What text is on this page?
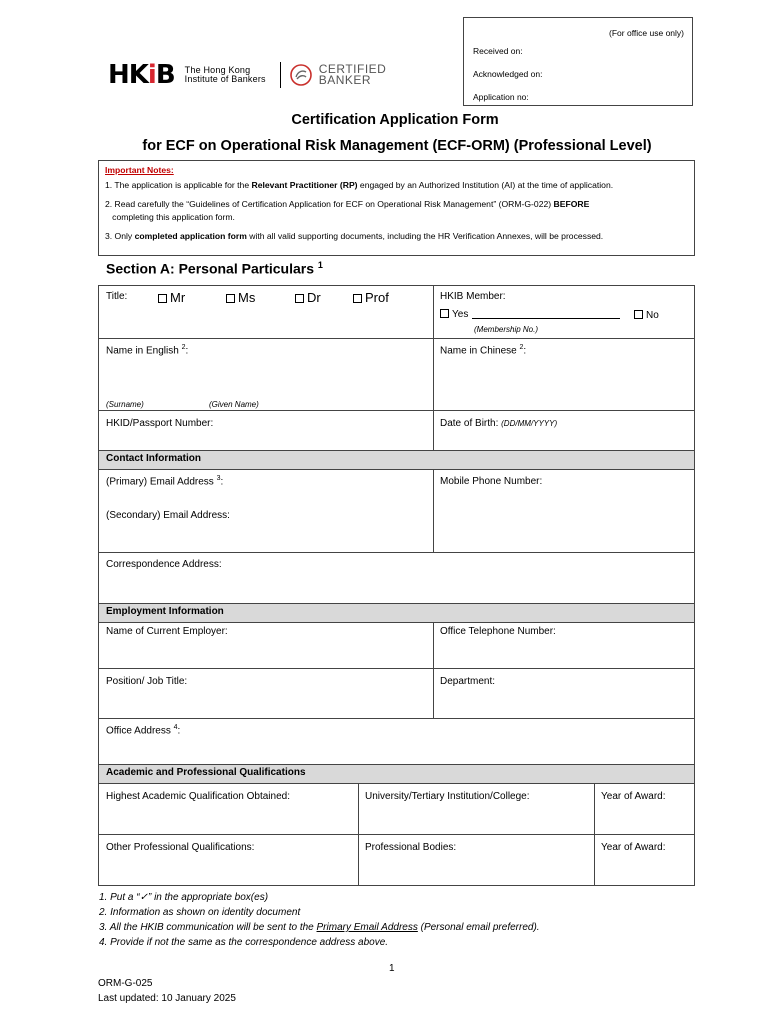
(For office use only)
Received on:
Acknowledged on:
Application no:
HKiB The Hong Kong
Institute of Bankers
CERTIFIED
BANKER
Certification Application Form
for ECF on Operational Risk Management (ECF-ORM) (Professional Level)
Important Notes:

1. The application is applicable for the Relevant Practitioner (RP) engaged by an Authorized Institution (AI) at the time of application.

2. Read carefully the “Guidelines of Certification Application for ECF on Operational Risk Management” (ORM-G-022) BEFORE
completing this application form.

3. Only completed application form with all valid supporting documents, including the HR Verification Annexes, will be processed.

Section A: Personal Particulars $^1$
Title:	Mr	Ms	Dr	Prof	HKIB Member:
Yes	No
(Membership No.)
Name in English $^2$:	Name in Chinese $^2$:
(Surname)	(Given Name)
HKID/Passport Number:	Date of Birth: (DD/MM/YYYY)
Contact Information
(Primary) Email Address $^3$:	Mobile Phone Number:
(Secondary) Email Address:
Correspondence Address:
Employment Information
Name of Current Employer:	Office Telephone Number:
Position/ Job Title:	Department:
Office Address $^4$:
Academic and Professional Qualifications
Highest Academic Qualification Obtained:	University/Tertiary Institution/College:	Year of Award:
Other Professional Qualifications:	Professional Bodies:	Year of Award:
1. Put a “✓” in the appropriate box(es)
2. Information as shown on identity document
3. All the HKIB communication will be sent to the Primary Email Address (Personal email preferred).
4. Provide if not the same as the correspondence address above.
1
ORM-G-025
Last updated: 10 January 2025
